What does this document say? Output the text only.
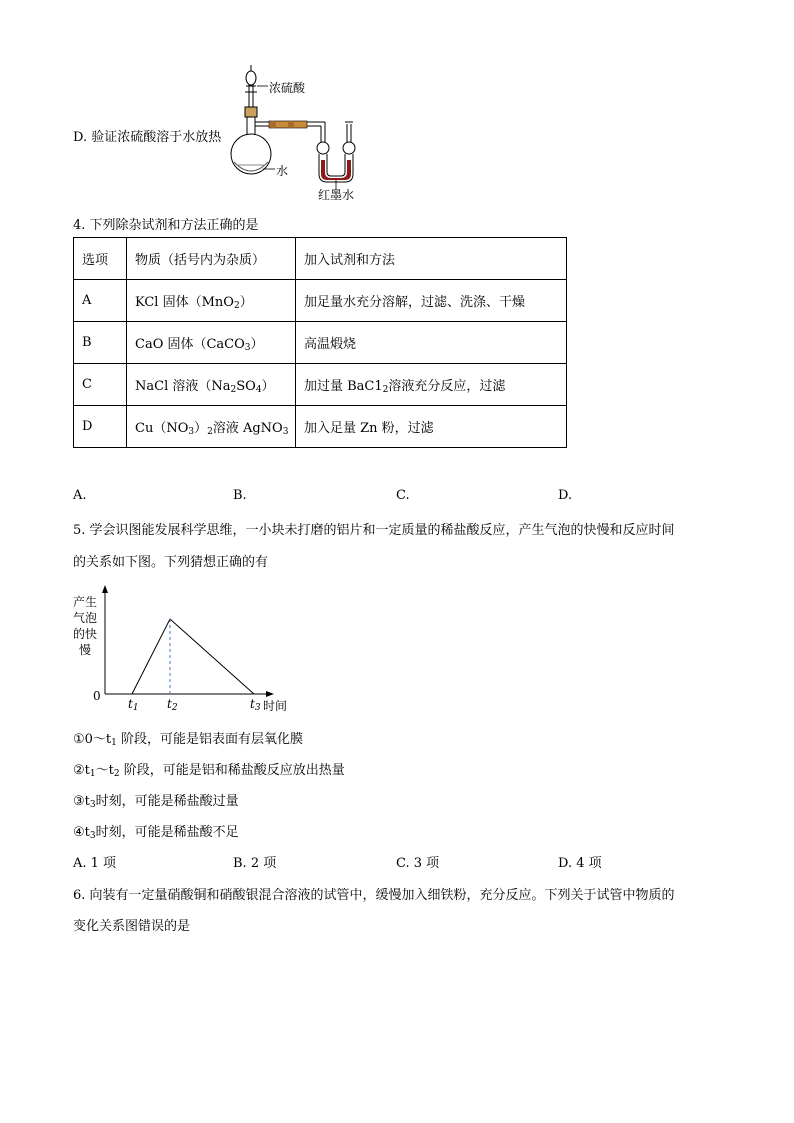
D. 验证浓硫酸溶于水放热
浓硫酸
水
红墨水
4. 下列除杂试剂和方法正确的是
选项	物质（括号内为杂质）	加入试剂和方法
A	KCl 固体（MnO$_2$）	加足量水充分溶解，过滤、洗涤、干燥
B	CaO 固体（CaCO$_3$）	高温煅烧
C	NaCl 溶液$(Na_2SO_4)$	加过量 $BaC1_2$溶液充分反应，过滤
D	$Cu(NO_3)_2$溶液 AgNO$_3$	加入足量 Zn 粉，过滤
A.	B.	C.	D.
5. 学会识图能发展科学思维，一小块未打磨的铝片和一定质量的稀盐酸反应，产生气泡的快慢和反应时间
的关系如下图。下列猜想正确的有
产生
气泡
的快
慢
0
$t_1$ $t_2$	$t_3$ 时间
$①0\sim t_1$ 阶段，可能是铝表面有层氧化膜
$②t_1\sim t_2$ 阶段，可能是铝和稀盐酸反应放出热量
$③t_3$时刻，可能是稀盐酸过量
$④t_3$时刻，可能是稀盐酸不足
A. 1 项	B. 2 项	C. 3 项	D. 4 项
6. 向装有一定量硝酸铜和硝酸银混合溶液的试管中，缓慢加入细铁粉，充分反应。下列关于试管中物质的
变化关系图错误的是
